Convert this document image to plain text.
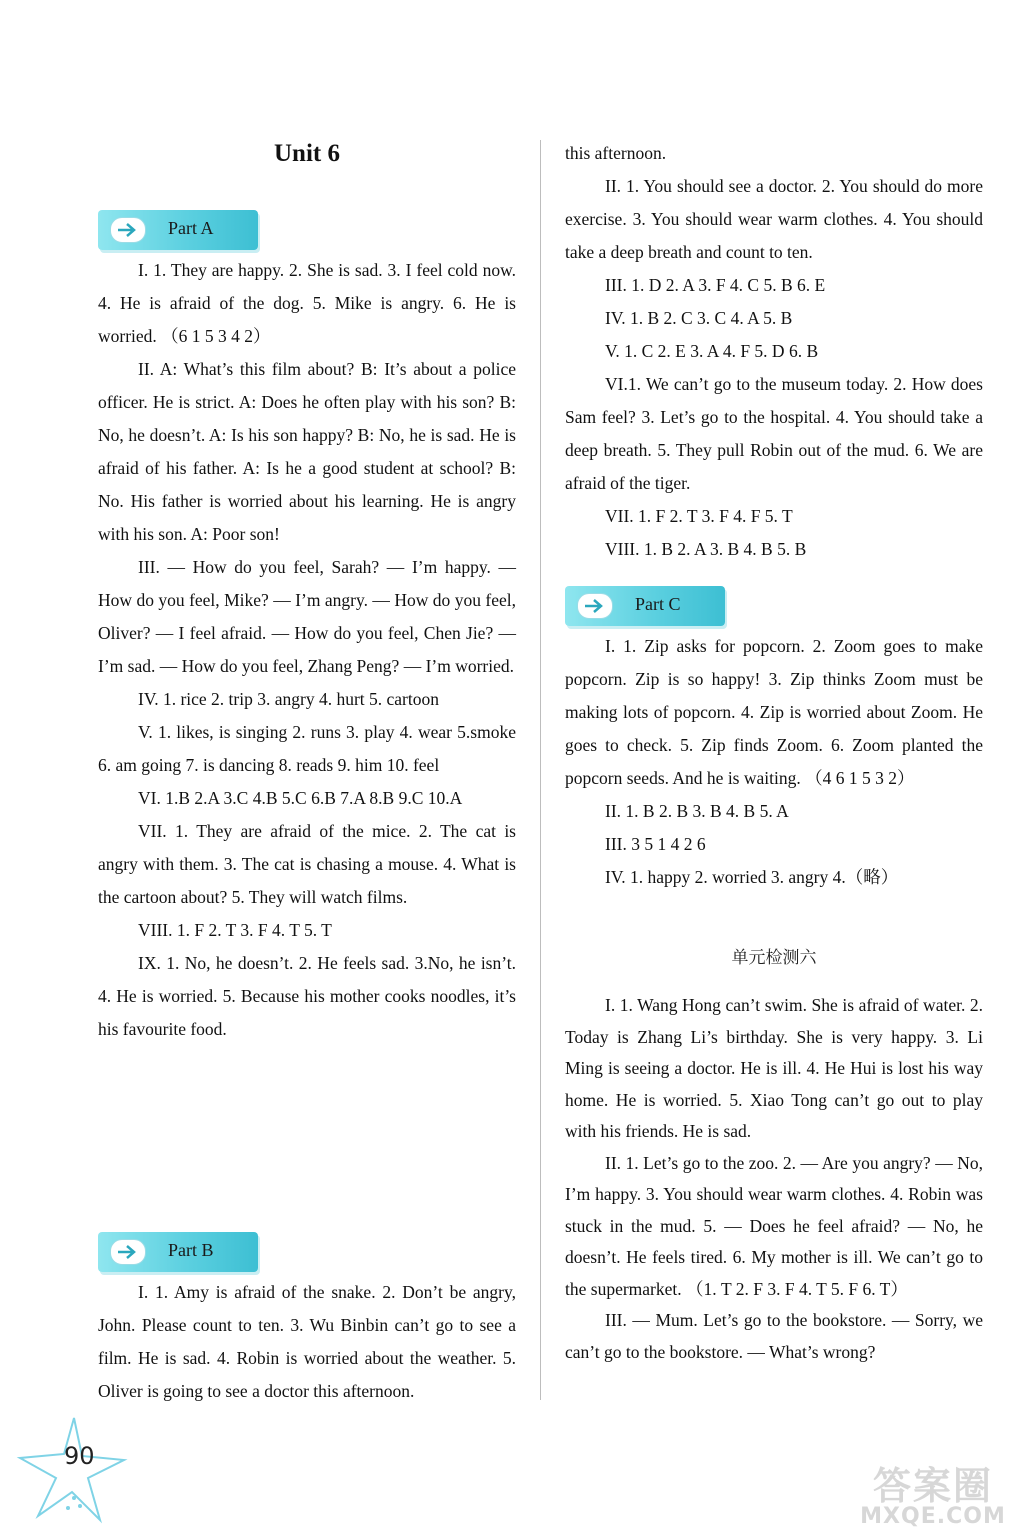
Unit 6
Part A

I. 1. They are happy. 2. She is sad. 3. I feel cold now. 4. He is afraid of the dog. 5. Mike is angry. 6. He is worried. （6 1 5 3 4 2）

II. A: What’s this film about? B: It’s about a police officer. He is strict. A: Does he often play with his son? B: No, he doesn’t. A: Is his son happy? B: No, he is sad. He is afraid of his father. A: Is he a good student at school? B: No. His father is worried about his learning. He is angry with his son. A: Poor son!

III. — How do you feel, Sarah? — I’m happy. — How do you feel, Mike? — I’m angry. — How do you feel, Oliver? — I feel afraid. — How do you feel, Chen Jie? — I’m sad. — How do you feel, Zhang Peng? — I’m worried.

IV. 1. rice 2. trip 3. angry 4. hurt 5. cartoon

V. 1. likes, is singing 2. runs 3. play 4. wear 5.smoke 6. am going 7. is dancing 8. reads 9. him 10. feel

VI. 1.B 2.A 3.C 4.B 5.C 6.B 7.A 8.B 9.C 10.A

VII. 1. They are afraid of the mice. 2. The cat is angry with them. 3. The cat is chasing a mouse. 4. What is the cartoon about? 5. They will watch films.

VIII. 1. F 2. T 3. F 4. T 5. T

IX. 1. No, he doesn’t. 2. He feels sad. 3.No, he isn’t. 4. He is worried. 5. Because his mother cooks noodles, it’s his favourite food.

Part B

I. 1. Amy is afraid of the snake. 2. Don’t be angry, John. Please count to ten. 3. Wu Binbin can’t go to see a film. He is sad. 4. Robin is worried about the weather. 5. Oliver is going to see a doctor this afternoon.

this afternoon.

II. 1. You should see a doctor. 2. You should do more exercise. 3. You should wear warm clothes. 4. You should take a deep breath and count to ten.

III. 1. D 2. A 3. F 4. C 5. B 6. E

IV. 1. B 2. C 3. C 4. A 5. B

V. 1. C 2. E 3. A 4. F 5. D 6. B

VI.1. We can’t go to the museum today. 2. How does Sam feel? 3. Let’s go to the hospital. 4. You should take a deep breath. 5. They pull Robin out of the mud. 6. We are afraid of the tiger.

VII. 1. F 2. T 3. F 4. F 5. T

VIII. 1. B 2. A 3. B 4. B 5. B

Part C

I. 1. Zip asks for popcorn. 2. Zoom goes to make popcorn. Zip is so happy! 3. Zip thinks Zoom must be making lots of popcorn. 4. Zip is worried about Zoom. He goes to check. 5. Zip finds Zoom. 6. Zoom planted the popcorn seeds. And he is waiting. （4 6 1 5 3 2）

II. 1. B 2. B 3. B 4. B 5. A

III. 3 5 1 4 2 6

IV. 1. happy 2. worried 3. angry 4.（略）

单元检测六

I. 1. Wang Hong can’t swim. She is afraid of water. 2. Today is Zhang Li’s birthday. She is very happy. 3. Li Ming is seeing a doctor. He is ill. 4. He Hui is lost his way home. He is worried. 5. Xiao Tong can’t go out to play with his friends. He is sad.

II. 1. Let’s go to the zoo. 2. — Are you angry? — No, I’m happy. 3. You should wear warm clothes. 4. Robin was stuck in the mud. 5. — Does he feel afraid? — No, he doesn’t. He feels tired. 6. My mother is ill. We can’t go to the supermarket. （1. T 2. F 3. F 4. T 5. F 6. T）

III. — Mum. Let’s go to the bookstore. — Sorry, we can’t go to the bookstore. — What’s wrong?

90
答案圈
MXQE.COM
